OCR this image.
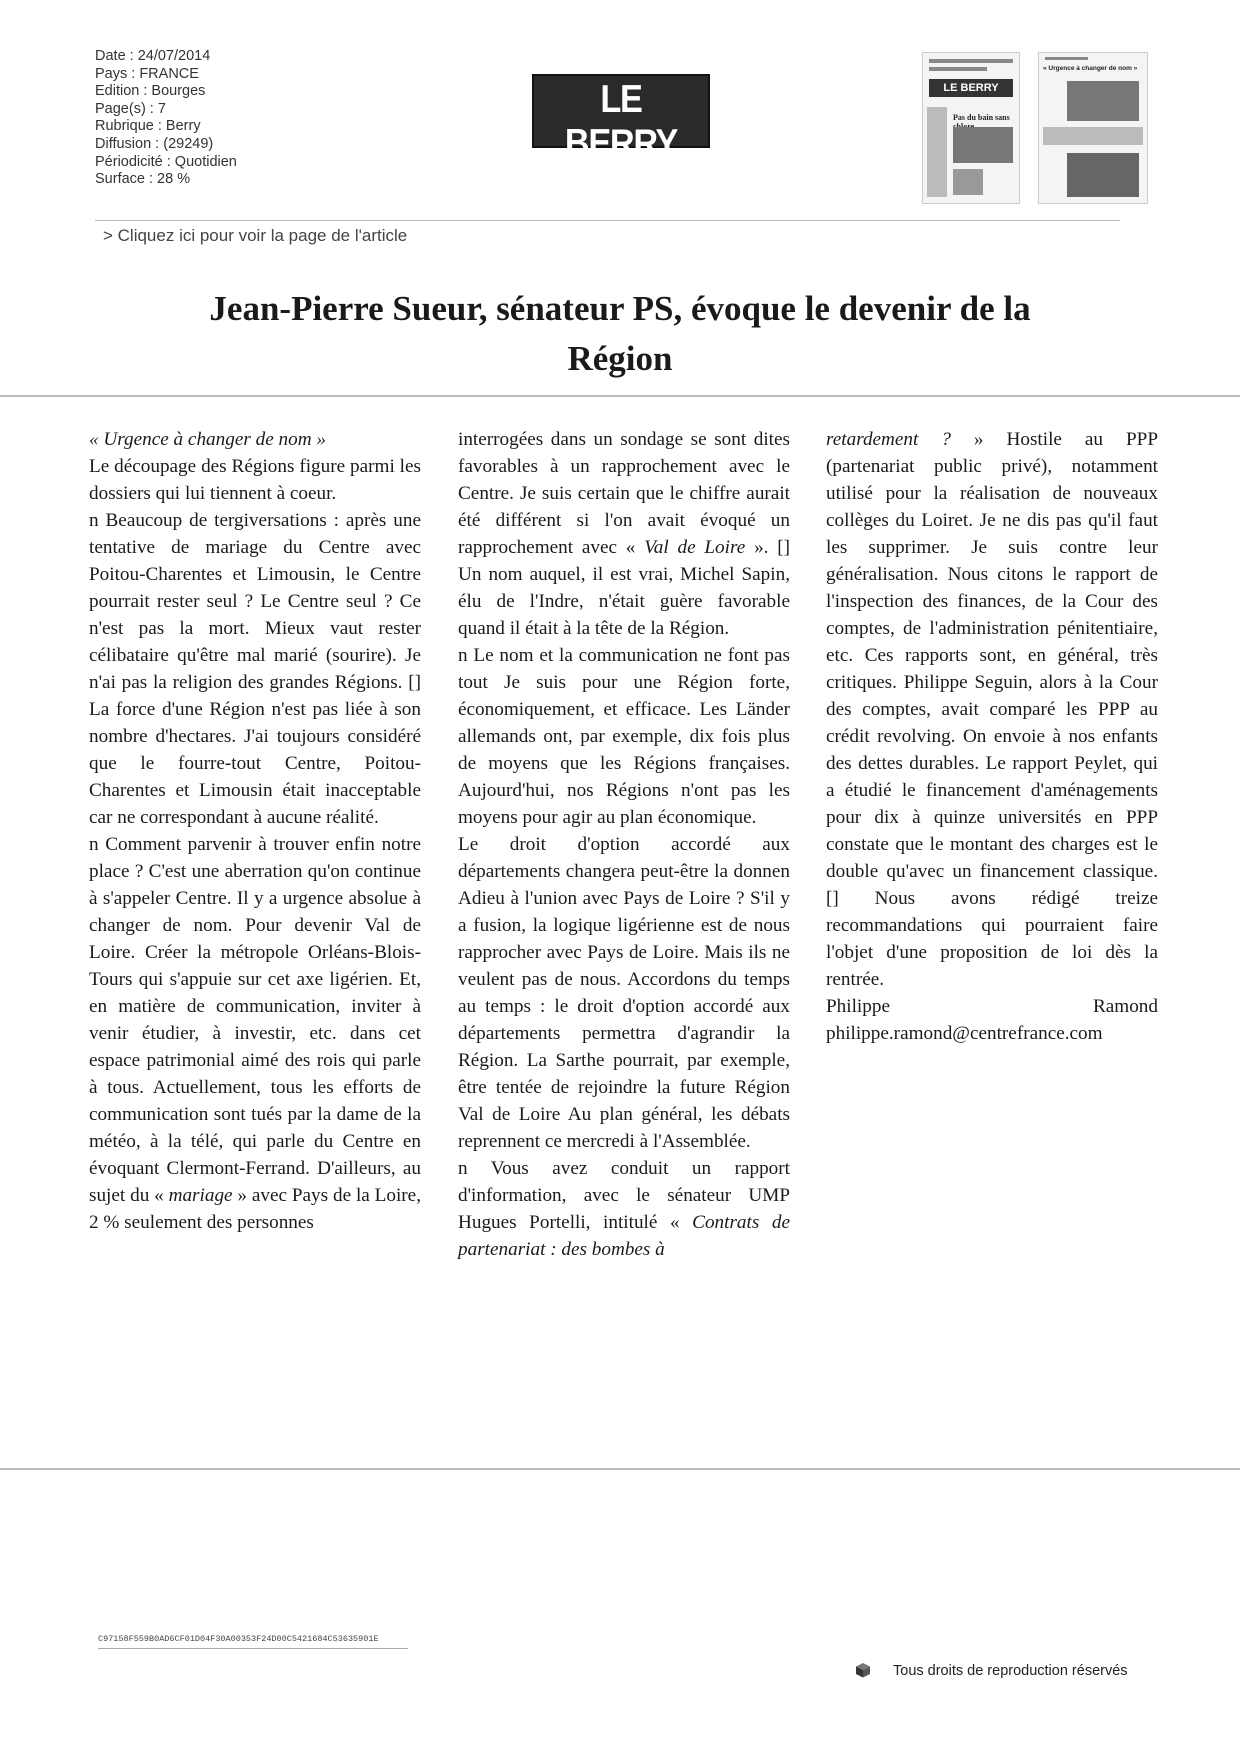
Date : 24/07/2014
Pays : FRANCE
Edition : Bourges
Page(s) : 7
Rubrique : Berry
Diffusion : (29249)
Périodicité : Quotidien
Surface : 28 %
LE BERRY
RÉPUBLICAIN
LE BERRY
Pas du bain sans
« Urgence à changer de nom »
> Cliquez ici pour voir la page de l'article
Jean-Pierre Sueur, sénateur PS, évoque le devenir de la
Région

« Urgence à changer de nom »

Le découpage des Régions figure parmi les dossiers qui lui tiennent à coeur.

n Beaucoup de tergiversations : après une tentative de mariage du Centre avec Poitou-Charentes et Limousin, le Centre pourrait rester seul ? Le Centre seul ? Ce n'est pas la mort. Mieux vaut rester célibataire qu'être mal marié (sourire). Je n'ai pas la religion des grandes Régions. [] La force d'une Région n'est pas liée à son nombre d'hectares. J'ai toujours considéré que le fourre-tout Centre, Poitou-Charentes et Limousin était inacceptable car ne correspondant à aucune réalité.

n Comment parvenir à trouver enfin notre place ? C'est une aberration qu'on continue à s'appeler Centre. Il y a urgence absolue à changer de nom. Pour devenir Val de Loire. Créer la métropole Orléans-Blois-Tours qui s'appuie sur cet axe ligérien. Et, en matière de communication, inviter à venir étudier, à investir, etc. dans cet espace patrimonial aimé des rois qui parle à tous. Actuellement, tous les efforts de communication sont tués par la dame de la météo, à la télé, qui parle du Centre en évoquant Clermont-Ferrand. D'ailleurs, au sujet du « mariage » avec Pays de la Loire, 2 % seulement des personnes

interrogées dans un sondage se sont dites favorables à un rapprochement avec le Centre. Je suis certain que le chiffre aurait été différent si l'on avait évoqué un rapprochement avec « Val de Loire ». [] Un nom auquel, il est vrai, Michel Sapin, élu de l'Indre, n'était guère favorable quand il était à la tête de la Région.

n Le nom et la communication ne font pas tout Je suis pour une Région forte, économiquement, et efficace. Les Länder allemands ont, par exemple, dix fois plus de moyens que les Régions françaises. Aujourd'hui, nos Régions n'ont pas les moyens pour agir au plan économique.

Le droit d'option accordé aux départements changera peut-être la donnen Adieu à l'union avec Pays de Loire ? S'il y a fusion, la logique ligérienne est de nous rapprocher avec Pays de Loire. Mais ils ne veulent pas de nous. Accordons du temps au temps : le droit d'option accordé aux départements permettra d'agrandir la Région. La Sarthe pourrait, par exemple, être tentée de rejoindre la future Région Val de Loire Au plan général, les débats reprennent ce mercredi à l'Assemblée.

n Vous avez conduit un rapport d'information, avec le sénateur UMP Hugues Portelli, intitulé « Contrats de partenariat : des bombes à

retardement ? » Hostile au PPP (partenariat public privé), notamment utilisé pour la réalisation de nouveaux collèges du Loiret. Je ne dis pas qu'il faut les supprimer. Je suis contre leur généralisation. Nous citons le rapport de l'inspection des finances, de la Cour des comptes, de l'administration pénitentiaire, etc. Ces rapports sont, en général, très critiques. Philippe Seguin, alors à la Cour des comptes, avait comparé les PPP au crédit revolving. On envoie à nos enfants des dettes durables. Le rapport Peylet, qui a étudié le financement d'aménagements pour dix à quinze universités en PPP constate que le montant des charges est le double qu'avec un financement classique. [] Nous avons rédigé treize recommandations qui pourraient faire l'objet d'une proposition de loi dès la rentrée.

Philippe Ramond

philippe.ramond@centrefrance.com

C97158F559B0AD6CF01D04F30A00353F24D00C5421684C53635901E
Tous droits de reproduction réservés
